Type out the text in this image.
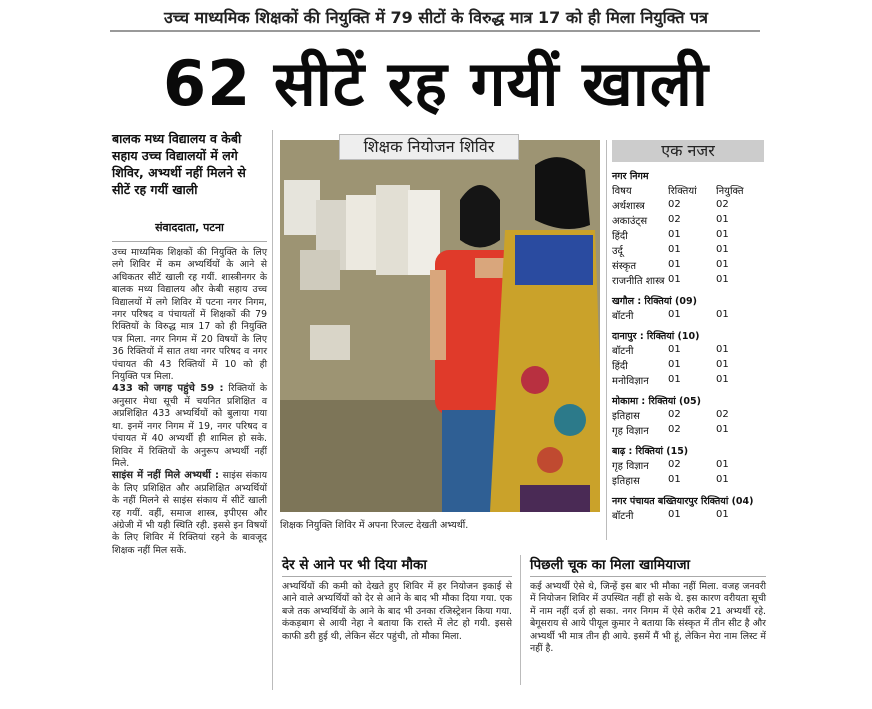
उच्च माध्यमिक शिक्षकों की नियुक्ति में 79 सीटों के विरुद्ध मात्र 17 को ही मिला नियुक्ति पत्र
62 सीटें रह गयीं खाली
बालक मध्य विद्यालय व केबी सहाय उच्च विद्यालयों में लगे शिविर, अभ्यर्थी नहीं मिलने से सीटें रह गयीं खाली
संवाददाता, पटना
उच्च माध्यमिक शिक्षकों की नियुक्ति के लिए लगे शिविर में कम अभ्यर्थियों के आने से अधिकतर सीटें खाली रह गयीं. शास्त्रीनगर के बालक मध्य विद्यालय और केबी सहाय उच्च विद्यालयों में लगे शिविर में पटना नगर निगम, नगर परिषद व पंचायतों में शिक्षकों की 79 रिक्तियों के विरुद्ध मात्र 17 को ही नियुक्ति पत्र मिला. नगर निगम में 20 विषयों के लिए 36 रिक्तियों में सात तथा नगर परिषद व नगर पंचायत की 43 रिक्तियों में 10 को ही नियुक्ति पत्र मिला.
433 को जगह पहुंचे 59 : रिक्तियों के अनुसार मेधा सूची में चयनित प्रशिक्षित व अप्रशिक्षित 433 अभ्यर्थियों को बुलाया गया था. इनमें नगर निगम में 19, नगर परिषद व पंचायत में 40 अभ्यर्थी ही शामिल हो सके. शिविर में रिक्तियों के अनुरूप अभ्यर्थी नहीं मिले.
साइंस में नहीं मिले अभ्यर्थी : साइंस संकाय के लिए प्रशिक्षित और अप्रशिक्षित अभ्यर्थियों के नहीं मिलने से साइंस संकाय में सीटें खाली रह गयीं. वहीं, समाज शास्त्र, इपीएस और अंग्रेजी में भी यही स्थिति रही. इससे इन विषयों के लिए शिविर में रिक्तियां रहने के बावजूद शिक्षक नहीं मिल सकें.
शिक्षक नियोजन शिविर
शिक्षक नियुक्ति शिविर में अपना रिजल्ट देखती अभ्यर्थी.
एक नजर
नगर निगम
विषय	रिक्तियां	नियुक्ति
अर्थशास्त्र	02	02
अकाउंट्स	02	01
हिंदी	01	01
उर्दू	01	01
संस्कृत	01	01
राजनीति शास्त्र	01	01
खगौल : रिक्तियां (09)
बॉटनी	01	01
दानापुर : रिक्तियां (10)
बॉटनी	01	01
हिंदी	01	01
मनोविज्ञान	01	01
मोकामा : रिक्तियां (05)
इतिहास	02	02
गृह विज्ञान	02	01
बाढ़ : रिक्तियां (15)
गृह विज्ञान	02	01
इतिहास	01	01
नगर पंचायत बख्तियारपुर रिक्तियां (04)
बॉटनी	01	01
देर से आने पर भी दिया मौका
अभ्यर्थियों की कमी को देखते हुए शिविर में हर नियोजन इकाई से आने वाले अभ्यर्थियों को देर से आने के बाद भी मौका दिया गया. एक बजे तक अभ्यर्थियों के आने के बाद भी उनका रजिस्ट्रेशन किया गया. कंकड़बाग से आयी नेहा ने बताया कि रास्ते में लेट हो गयी. इससे काफी डरी हुई थी, लेकिन सेंटर पहुंची, तो मौका मिला.
पिछली चूक का मिला खामियाजा
कई अभ्यर्थी ऐसे थे, जिन्हें इस बार भी मौका नहीं मिला. वजह जनवरी में नियोजन शिविर में उपस्थित नहीं हो सके थे. इस कारण वरीयता सूची में नाम नहीं दर्ज हो सका. नगर निगम में ऐसे करीब 21 अभ्यर्थी रहे. बेगूसराय से आये पीयूल कुमार ने बताया कि संस्कृत में तीन सीट है और अभ्यर्थी भी मात्र तीन ही आये. इसमें मैं भी हूं, लेकिन मेरा नाम लिस्ट में नहीं है.
